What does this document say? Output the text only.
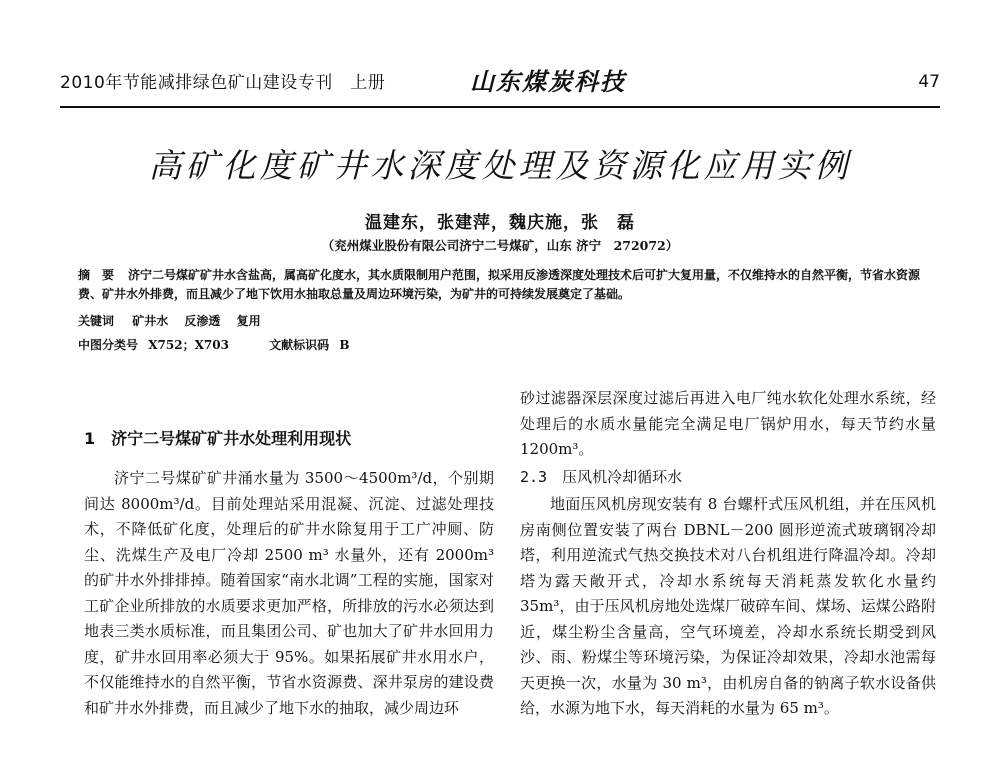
2010年节能减排绿色矿山建设专刊　上册	山东煤炭科技	47
高矿化度矿井水深度处理及资源化应用实例
温建东，张建萍，魏庆施，张　磊
（兖州煤业股份有限公司济宁二号煤矿，山东 济宁　272072）
摘　要 济宁二号煤矿矿井水含盐高，属高矿化度水，其水质限制用户范围，拟采用反渗透深度处理技术后可扩大复用量，不仅维持水的自然平衡，节省水资源费、矿井水外排费，而且减少了地下饮用水抽取总量及周边环境污染，为矿井的可持续发展奠定了基础。
关键词 矿井水 反渗透 复用
中图分类号 X752；X703	文献标识码 B
1　济宁二号煤矿矿井水处理利用现状

济宁二号煤矿矿井涌水量为 3500～4500m³/d，个别期间达 8000m³/d。目前处理站采用混凝、沉淀、过滤处理技术，不降低矿化度，处理后的矿井水除复用于工广冲厕、防尘、洗煤生产及电厂冷却 2500 m³ 水量外，还有 2000m³ 的矿井水外排排掉。随着国家“南水北调”工程的实施，国家对工矿企业所排放的水质要求更加严格，所排放的污水必须达到地表三类水质标准，而且集团公司、矿也加大了矿井水回用力度，矿井水回用率必须大于 95%。如果拓展矿井水用水户，不仅能维持水的自然平衡，节省水资源费、深井泵房的建设费和矿井水外排费，而且减少了地下水的抽取，减少周边环

砂过滤器深层深度过滤后再进入电厂纯水软化处理水系统，经处理后的水质水量能完全满足电厂锅炉用水，每天节约水量 1200m³。

2.3　压风机冷却循环水

地面压风机房现安装有 8 台螺杆式压风机组，并在压风机房南侧位置安装了两台 DBNL－200 圆形逆流式玻璃钢冷却塔，利用逆流式气热交换技术对八台机组进行降温冷却。冷却塔为露天敞开式，冷却水系统每天消耗蒸发软化水量约 35m³，由于压风机房地处选煤厂破碎车间、煤场、运煤公路附近，煤尘粉尘含量高，空气环境差，冷却水系统长期受到风沙、雨、粉煤尘等环境污染，为保证冷却效果，冷却水池需每天更换一次，水量为 30 m³，由机房自备的钠离子软水设备供给，水源为地下水，每天消耗的水量为 65 m³。
